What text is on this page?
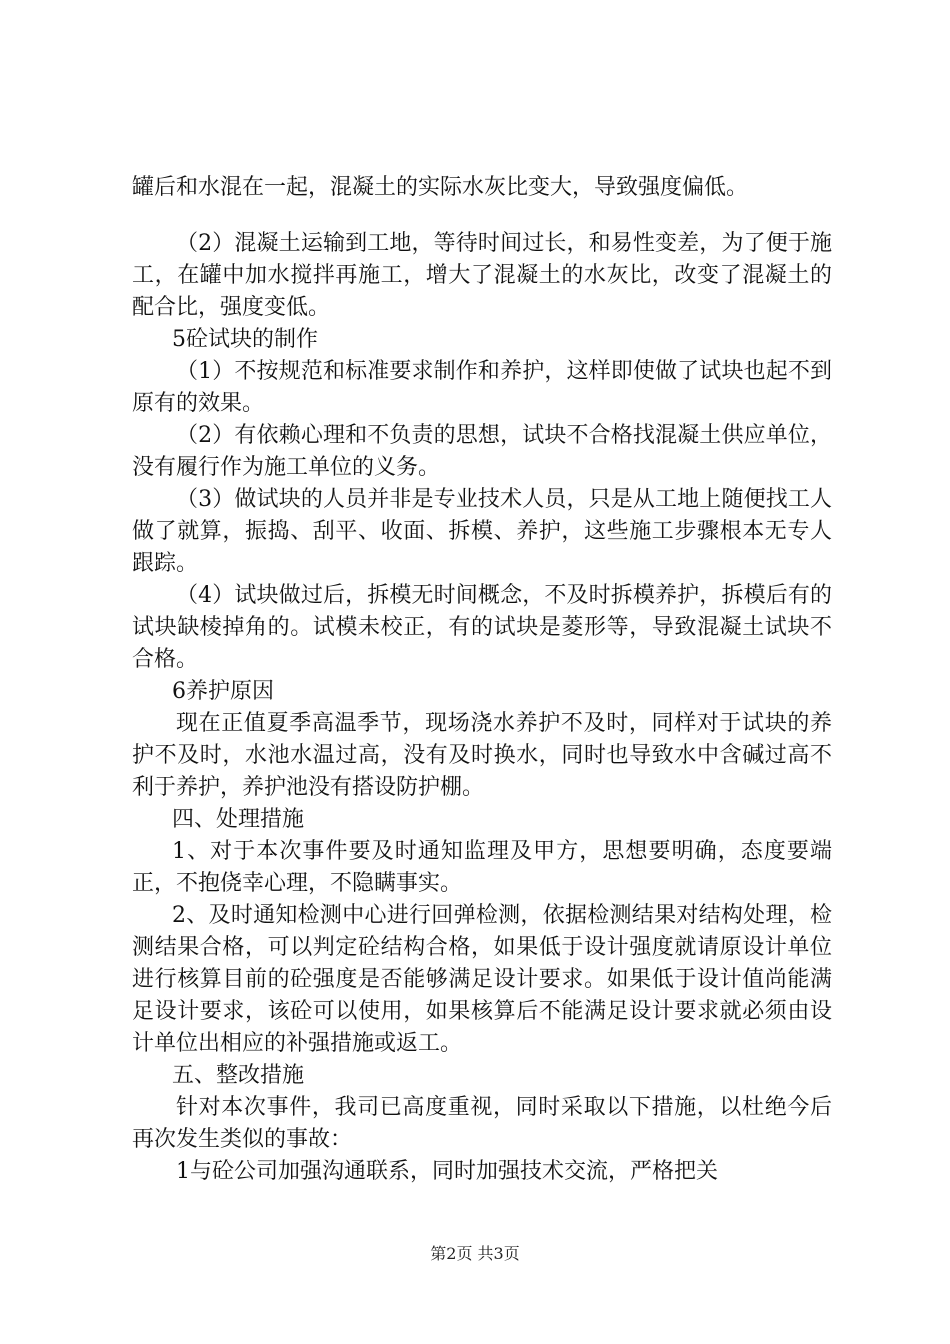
罐后和水混在一起，混凝土的实际水灰比变大，导致强度偏低。

（2）混凝土运输到工地，等待时间过长，和易性变差，为了便于施工，在罐中加水搅拌再施工，增大了混凝土的水灰比，改变了混凝土的配合比，强度变低。

5砼试块的制作

（1）不按规范和标准要求制作和养护，这样即使做了试块也起不到原有的效果。

（2）有依赖心理和不负责的思想，试块不合格找混凝土供应单位，没有履行作为施工单位的义务。

（3）做试块的人员并非是专业技术人员，只是从工地上随便找工人做了就算，振捣、刮平、收面、拆模、养护，这些施工步骤根本无专人跟踪。

（4）试块做过后，拆模无时间概念，不及时拆模养护，拆模后有的试块缺棱掉角的。试模未校正，有的试块是菱形等，导致混凝土试块不合格。

6养护原因

现在正值夏季高温季节，现场浇水养护不及时，同样对于试块的养护不及时，水池水温过高，没有及时换水，同时也导致水中含碱过高不利于养护，养护池没有搭设防护棚。

四、处理措施

1、对于本次事件要及时通知监理及甲方，思想要明确，态度要端正，不抱侥幸心理，不隐瞒事实。

2、及时通知检测中心进行回弹检测，依据检测结果对结构处理，检测结果合格，可以判定砼结构合格，如果低于设计强度就请原设计单位进行核算目前的砼强度是否能够满足设计要求。如果低于设计值尚能满足设计要求，该砼可以使用，如果核算后不能满足设计要求就必须由设计单位出相应的补强措施或返工。

五、整改措施

针对本次事件，我司已高度重视，同时采取以下措施，以杜绝今后再次发生类似的事故：

1与砼公司加强沟通联系，同时加强技术交流，严格把关

第2页 共3页
